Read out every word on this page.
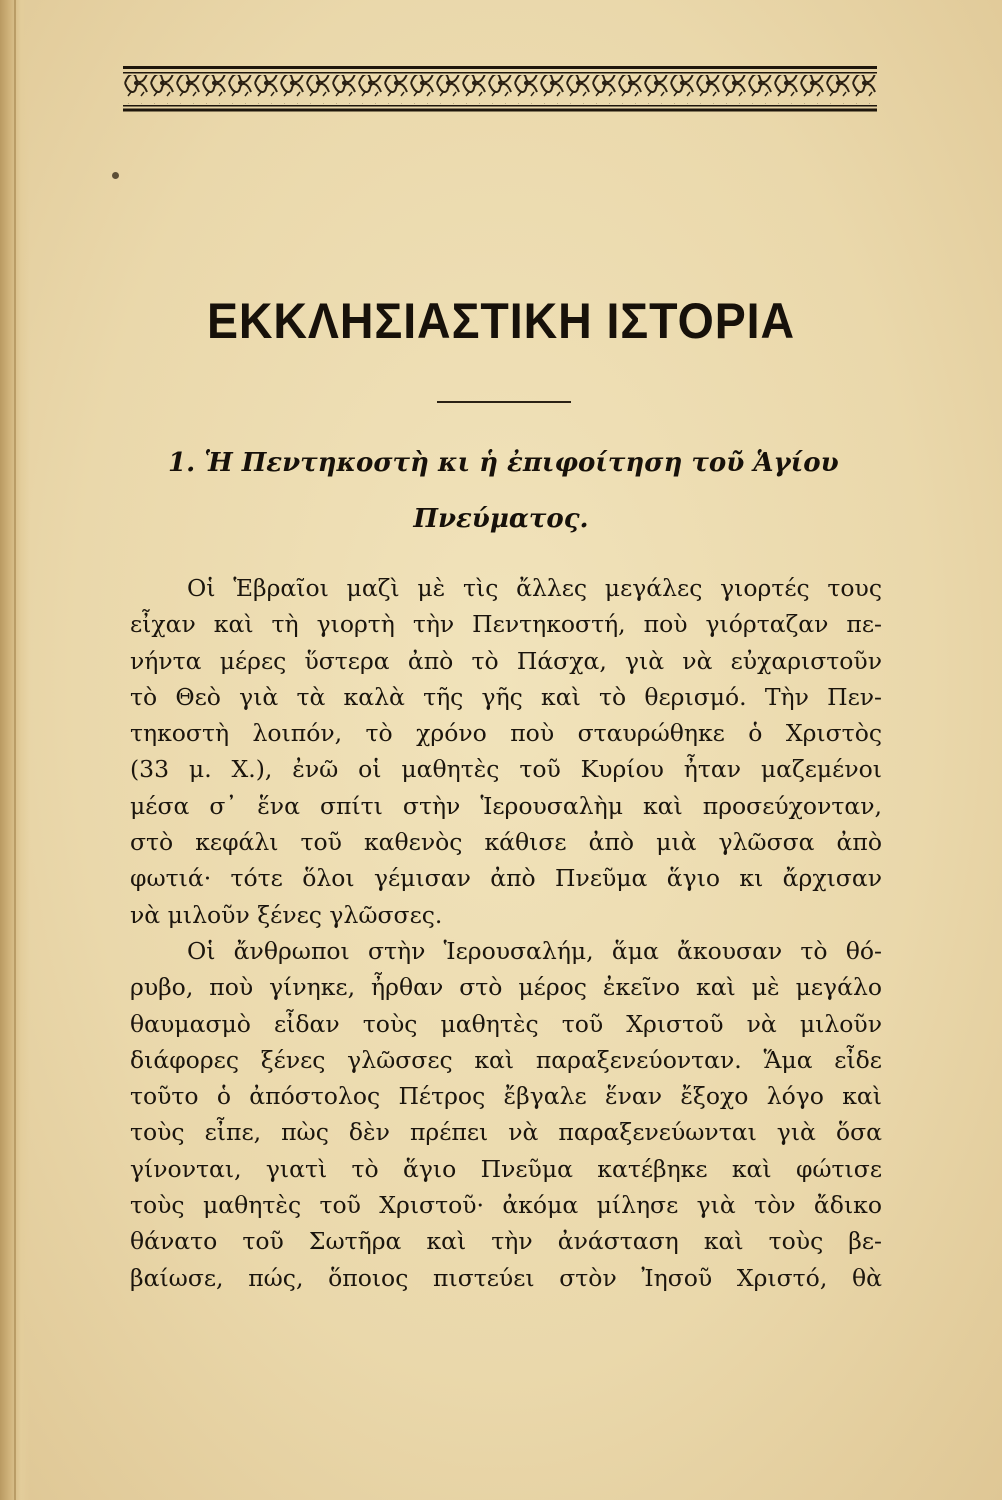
ΕΚΚΛΗΣΙΑΣΤΙΚΗ ΙΣΤΟΡΙΑ
1. Ἡ Πεντηκοστὴ κι ἡ ἐπιφοίτηση τοῦ Ἁγίου
Πνεύματος.
Οἱ Ἑβραῖοι μαζὶ μὲ τὶς ἄλλες μεγάλες γιορτές τους
εἶχαν καὶ τὴ γιορτὴ τὴν Πεντηκοστή, ποὺ γιόρταζαν πε-
νήντα μέρες ὕστερα ἀπὸ τὸ Πάσχα, γιὰ νὰ εὐχαριστοῦν
τὸ Θεὸ γιὰ τὰ καλὰ τῆς γῆς καὶ τὸ θερισμό. Τὴν Πεν-
τηκοστὴ λοιπόν, τὸ χρόνο ποὺ σταυρώθηκε ὁ Χριστὸς
(33 μ. Χ.), ἐνῶ οἱ μαθητὲς τοῦ Κυρίου ἦταν μαζεμένοι
μέσα σ᾿ ἕνα σπίτι στὴν Ἱερουσαλὴμ καὶ προσεύχονταν,
στὸ κεφάλι τοῦ καθενὸς κάθισε ἀπὸ μιὰ γλῶσσα ἀπὸ
φωτιά· τότε ὅλοι γέμισαν ἀπὸ Πνεῦμα ἅγιο κι ἄρχισαν
νὰ μιλοῦν ξένες γλῶσσες.
Οἱ ἄνθρωποι στὴν Ἱερουσαλήμ, ἅμα ἄκουσαν τὸ θό-
ρυβο, ποὺ γίνηκε, ἦρθαν στὸ μέρος ἐκεῖνο καὶ μὲ μεγάλο
θαυμασμὸ εἶδαν τοὺς μαθητὲς τοῦ Χριστοῦ νὰ μιλοῦν
διάφορες ξένες γλῶσσες καὶ παραξενεύονταν. Ἅμα εἶδε
τοῦτο ὁ ἀπόστολος Πέτρος ἔβγαλε ἕναν ἔξοχο λόγο καὶ
τοὺς εἶπε, πὼς δὲν πρέπει νὰ παραξενεύωνται γιὰ ὅσα
γίνονται, γιατὶ τὸ ἅγιο Πνεῦμα κατέβηκε καὶ φώτισε
τοὺς μαθητὲς τοῦ Χριστοῦ· ἀκόμα μίλησε γιὰ τὸν ἄδικο
θάνατο τοῦ Σωτῆρα καὶ τὴν ἀνάσταση καὶ τοὺς βε-
βαίωσε, πώς, ὅποιος πιστεύει στὸν Ἰησοῦ Χριστό, θὰ
